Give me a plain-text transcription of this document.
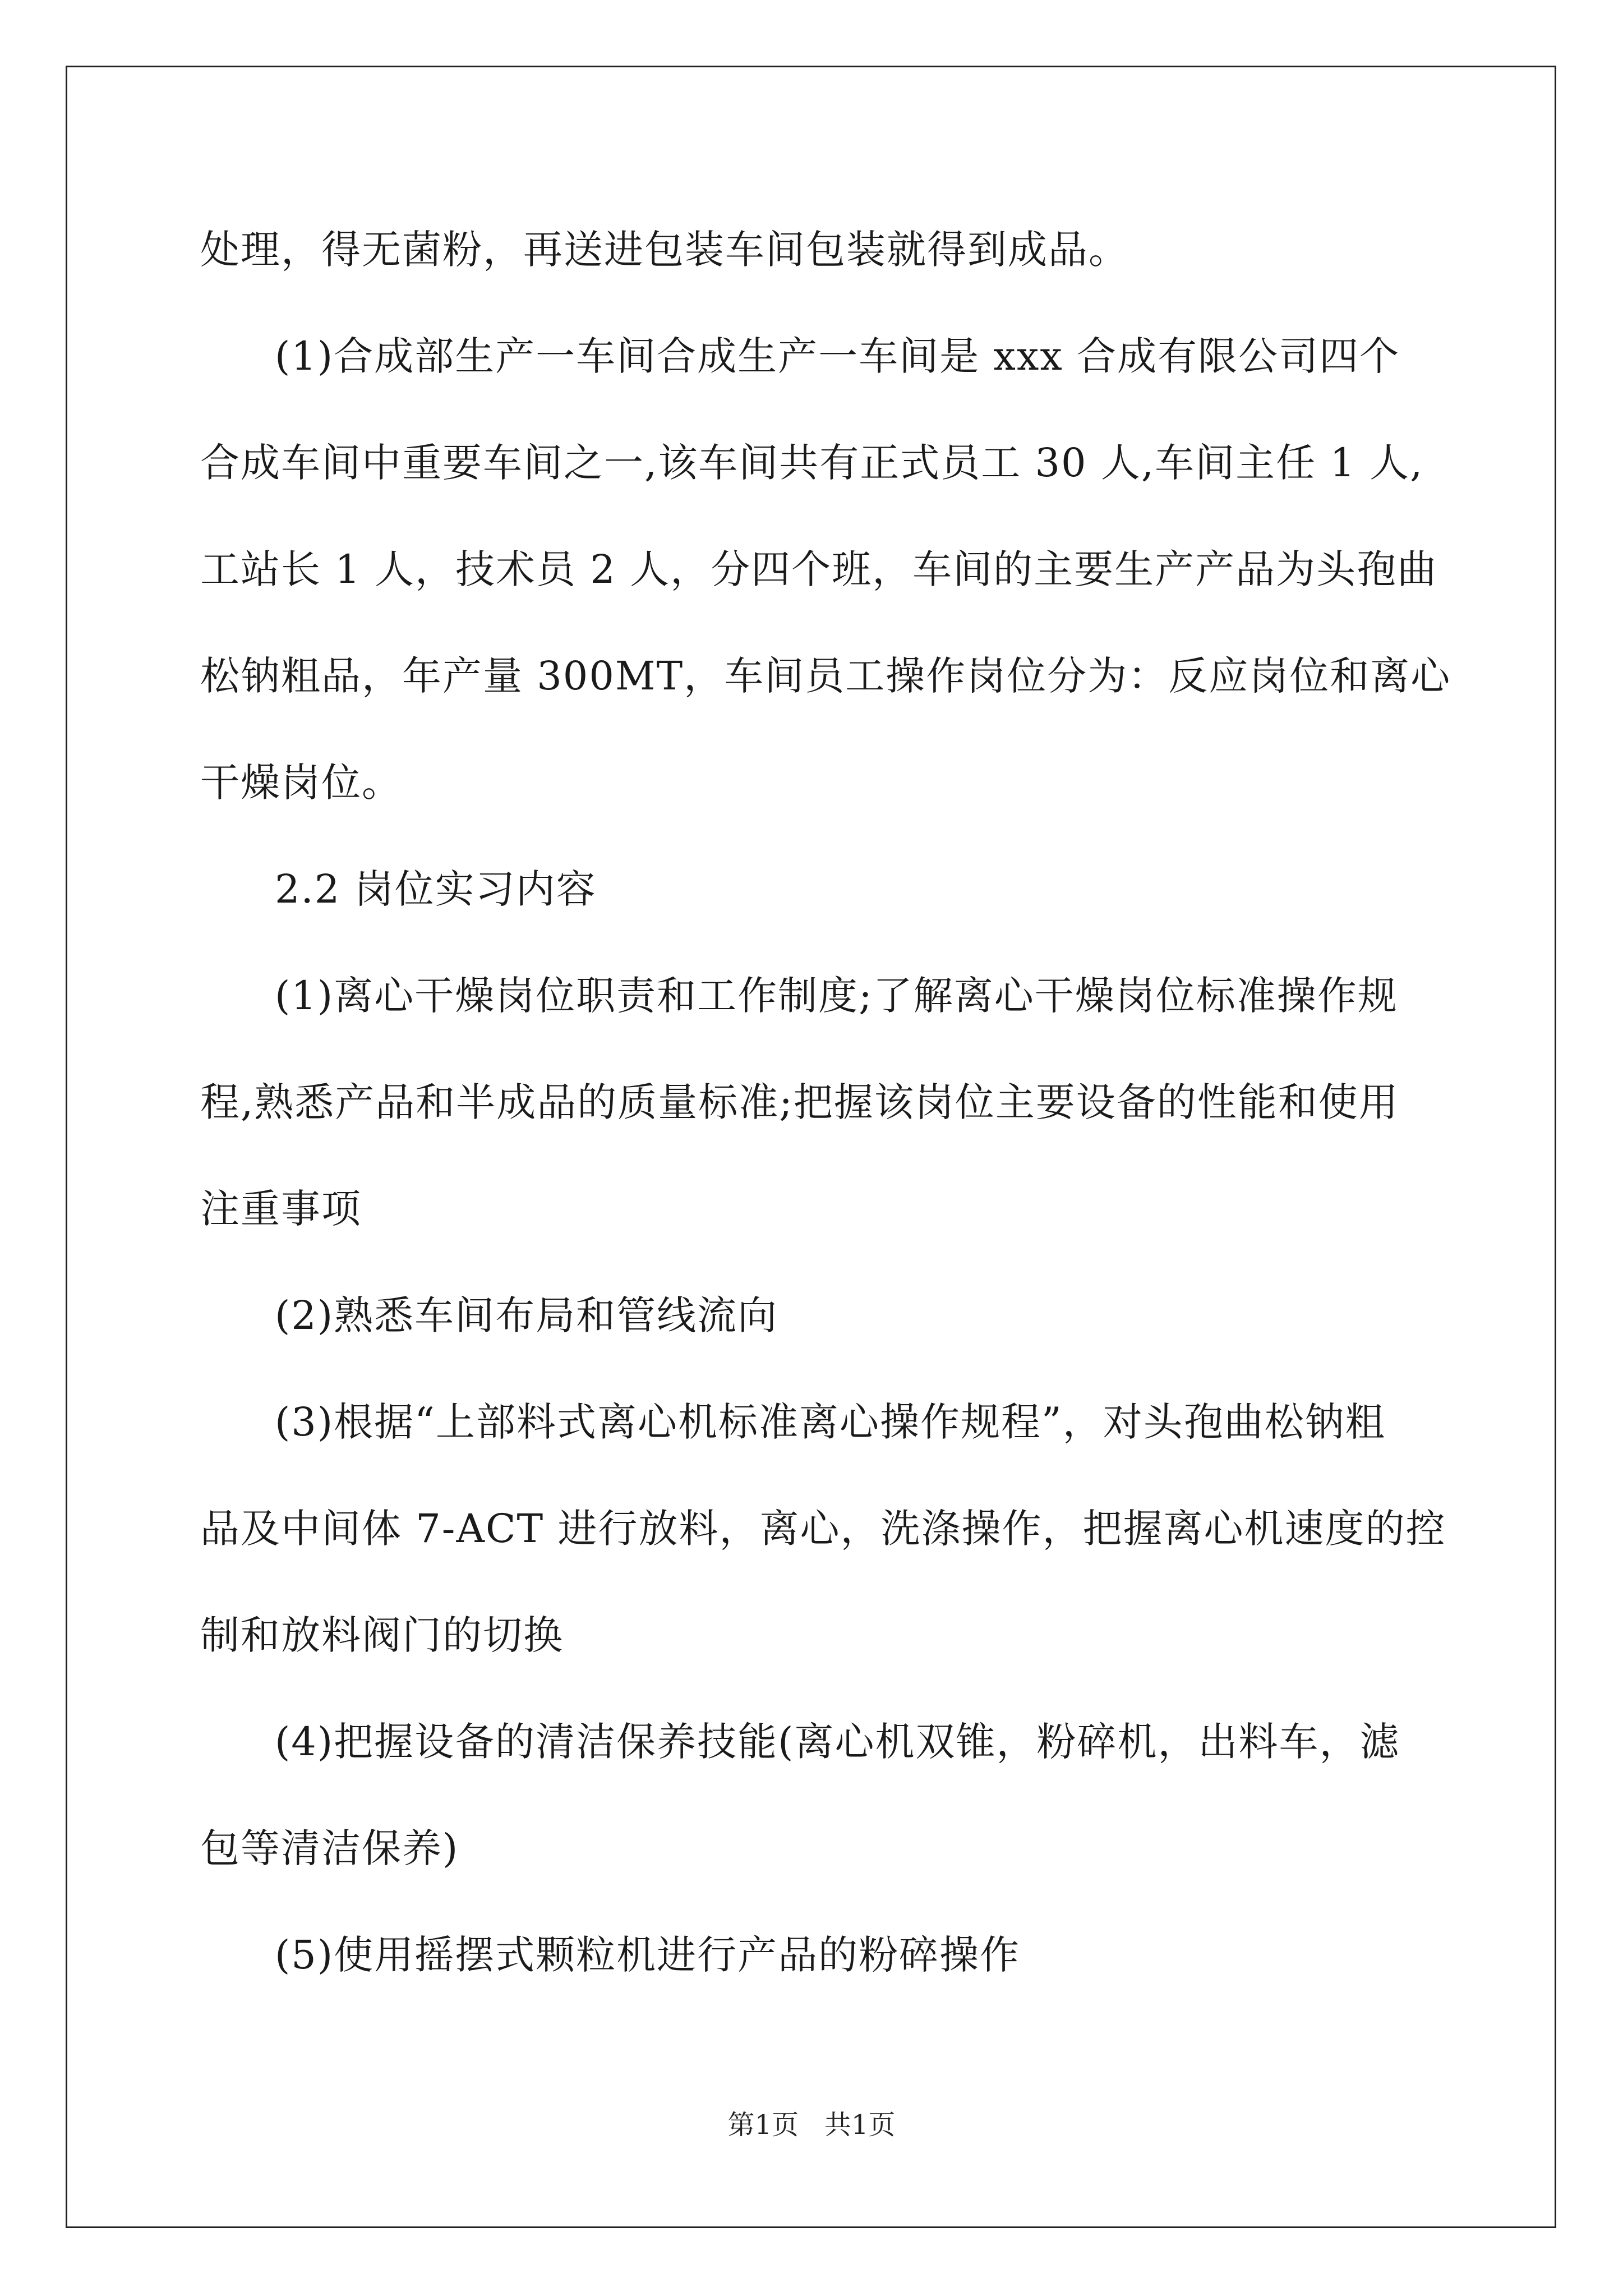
处理，得无菌粉，再送进包装车间包装就得到成品。
(1)合成部生产一车间合成生产一车间是 xxx 合成有限公司四个
合成车间中重要车间之一,该车间共有正式员工 30 人,车间主任 1 人,
工站长 1 人，技术员 2 人，分四个班，车间的主要生产产品为头孢曲
松钠粗品，年产量 300MT，车间员工操作岗位分为：反应岗位和离心
干燥岗位。
2.2 岗位实习内容
(1)离心干燥岗位职责和工作制度;了解离心干燥岗位标准操作规
程,熟悉产品和半成品的质量标准;把握该岗位主要设备的性能和使用
注重事项
(2)熟悉车间布局和管线流向
(3)根据“上部料式离心机标准离心操作规程”，对头孢曲松钠粗
品及中间体 7-ACT 进行放料，离心，洗涤操作，把握离心机速度的控
制和放料阀门的切换
(4)把握设备的清洁保养技能(离心机双锥，粉碎机，出料车，滤
包等清洁保养)
(5)使用摇摆式颗粒机进行产品的粉碎操作
第1页   共1页
